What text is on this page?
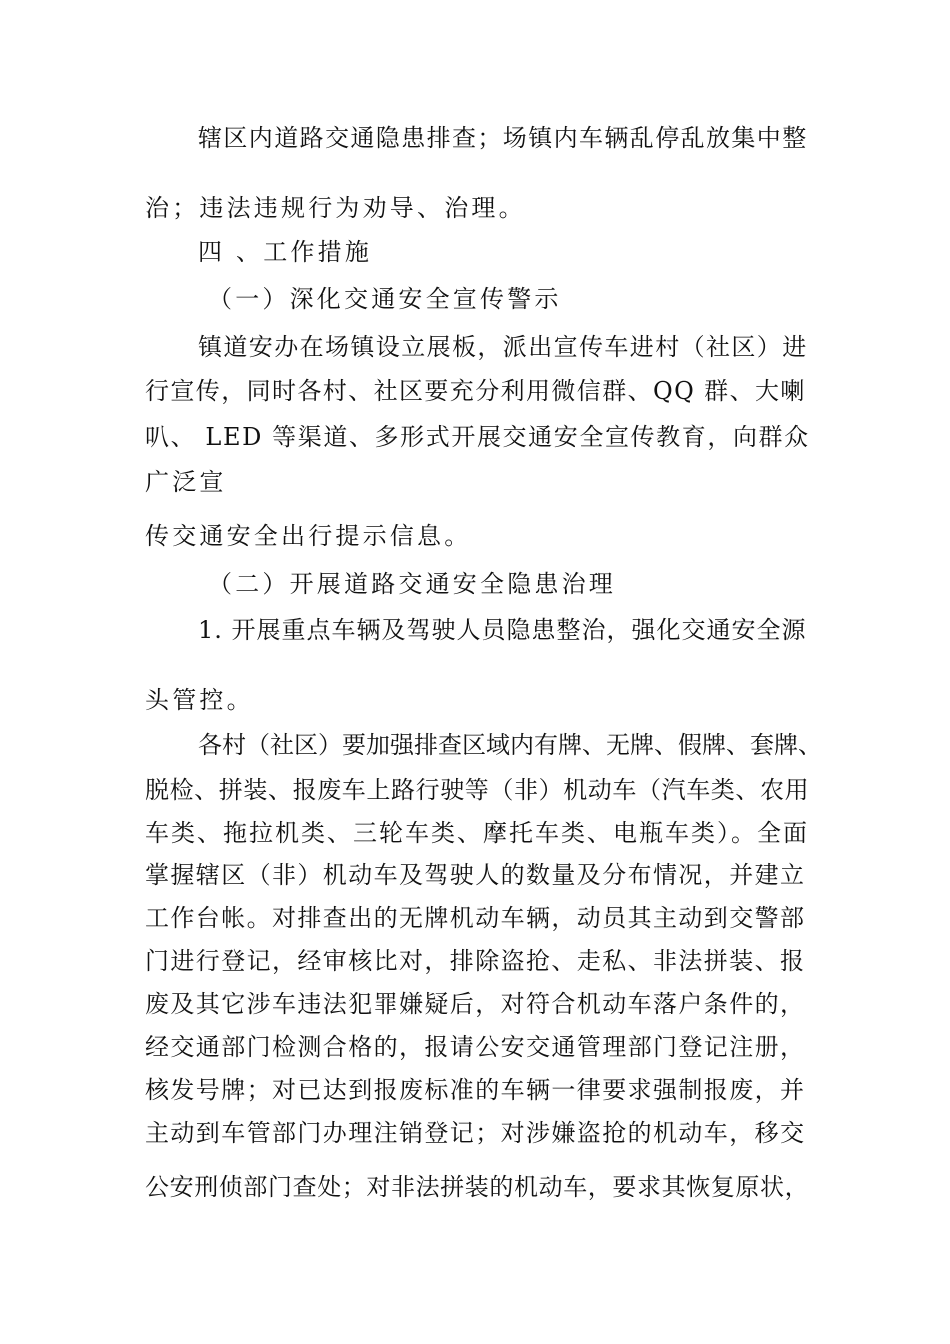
辖区内道路交通隐患排查；场镇内车辆乱停乱放集中整
治；违法违规行为劝导、治理。
四 、工作措施
（一）深化交通安全宣传警示
镇道安办在场镇设立展板，派出宣传车进村（社区）进
行宣传，同时各村、社区要充分利用微信群、QQ 群、大喇
叭、 LED 等渠道、多形式开展交通安全宣传教育，向群众
广泛宣
传交通安全出行提示信息。
（二）开展道路交通安全隐患治理
1. 开展重点车辆及驾驶人员隐患整治，强化交通安全源
头管控。
各村（社区）要加强排查区域内有牌、无牌、假牌、套牌、
脱检、拼装、报废车上路行驶等（非）机动车（汽车类、农用
车类、拖拉机类、三轮车类、摩托车类、电瓶车类）。全面
掌握辖区（非）机动车及驾驶人的数量及分布情况，并建立
工作台帐。对排查出的无牌机动车辆，动员其主动到交警部
门进行登记，经审核比对，排除盗抢、走私、非法拼装、报
废及其它涉车违法犯罪嫌疑后，对符合机动车落户条件的，
经交通部门检测合格的，报请公安交通管理部门登记注册，
核发号牌；对已达到报废标准的车辆一律要求强制报废，并
主动到车管部门办理注销登记；对涉嫌盗抢的机动车，移交
公安刑侦部门查处；对非法拼装的机动车，要求其恢复原状，
